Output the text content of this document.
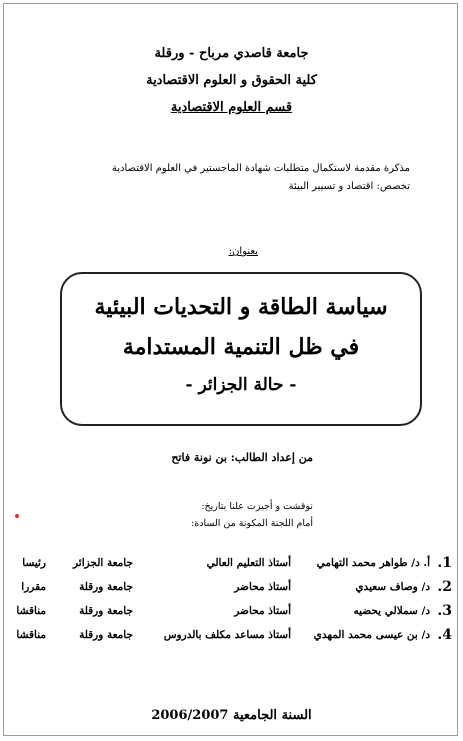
جامعة قاصدي مرباح - ورقلة
كلية الحقوق و العلوم الاقتصادية
قسم العلوم الاقتصادية
مذكرة مقدمة لاستكمال متطلبات شهادة الماجستير في العلوم الاقتصادية
تخصص: اقتصاد و تسيير البيئة
بعنوان:
سياسة الطاقة و التحديات البيئية
في ظل التنمية المستدامة
- حالة الجزائر -
من إعداد الطالب: بن نونة فاتح
نوقشت و أجيزت علنا بتاريخ:
أمام اللجنة المكونة من السادة:
1.
أ. د/ طواهر محمد التهامي
أستاذ التعليم العالي
جامعة الجزائر
رئيسا
2.
د/ وصاف سعيدي
أستاذ محاضر
جامعة ورقلة
مقررا
3.
د/ سملالي يحضيه
أستاذ محاضر
جامعة ورقلة
مناقشا
4.
د/ بن عيسى محمد المهدي
أستاذ مساعد مكلف بالدروس
جامعة ورقلة
مناقشا
السنة الجامعية 2006/2007
